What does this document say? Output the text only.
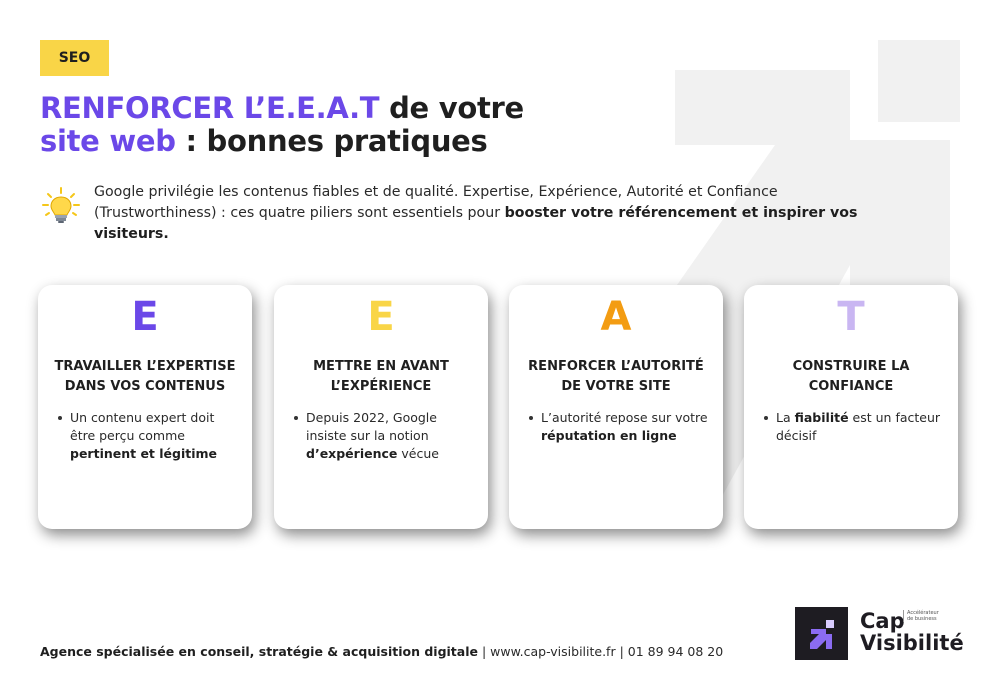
SEO
RENFORCER L’E.E.A.T de votre
site web : bonnes pratiques

Google privilégie les contenus fiables et de qualité. Expertise, Expérience, Autorité et Confiance (Trustworthiness) : ces quatre piliers sont essentiels pour booster votre référencement et inspirer vos visiteurs.

E
TRAVAILLER L’EXPERTISE
DANS VOS CONTENUS
Un contenu expert doit être perçu comme pertinent et légitime
E
METTRE EN AVANT
L’EXPÉRIENCE
Depuis 2022, Google insiste sur la notion d’expérience vécue
A
RENFORCER L’AUTORITÉ
DE VOTRE SITE
L’autorité repose sur votre réputation en ligne
T
CONSTRUIRE LA
CONFIANCE
La fiabilité est un facteur décisif
Agence spécialisée en conseil, stratégie & acquisition digitale | www.cap-visibilite.fr | 01 89 94 08 20
Cap
Visibilité
Accélérateur
de business
